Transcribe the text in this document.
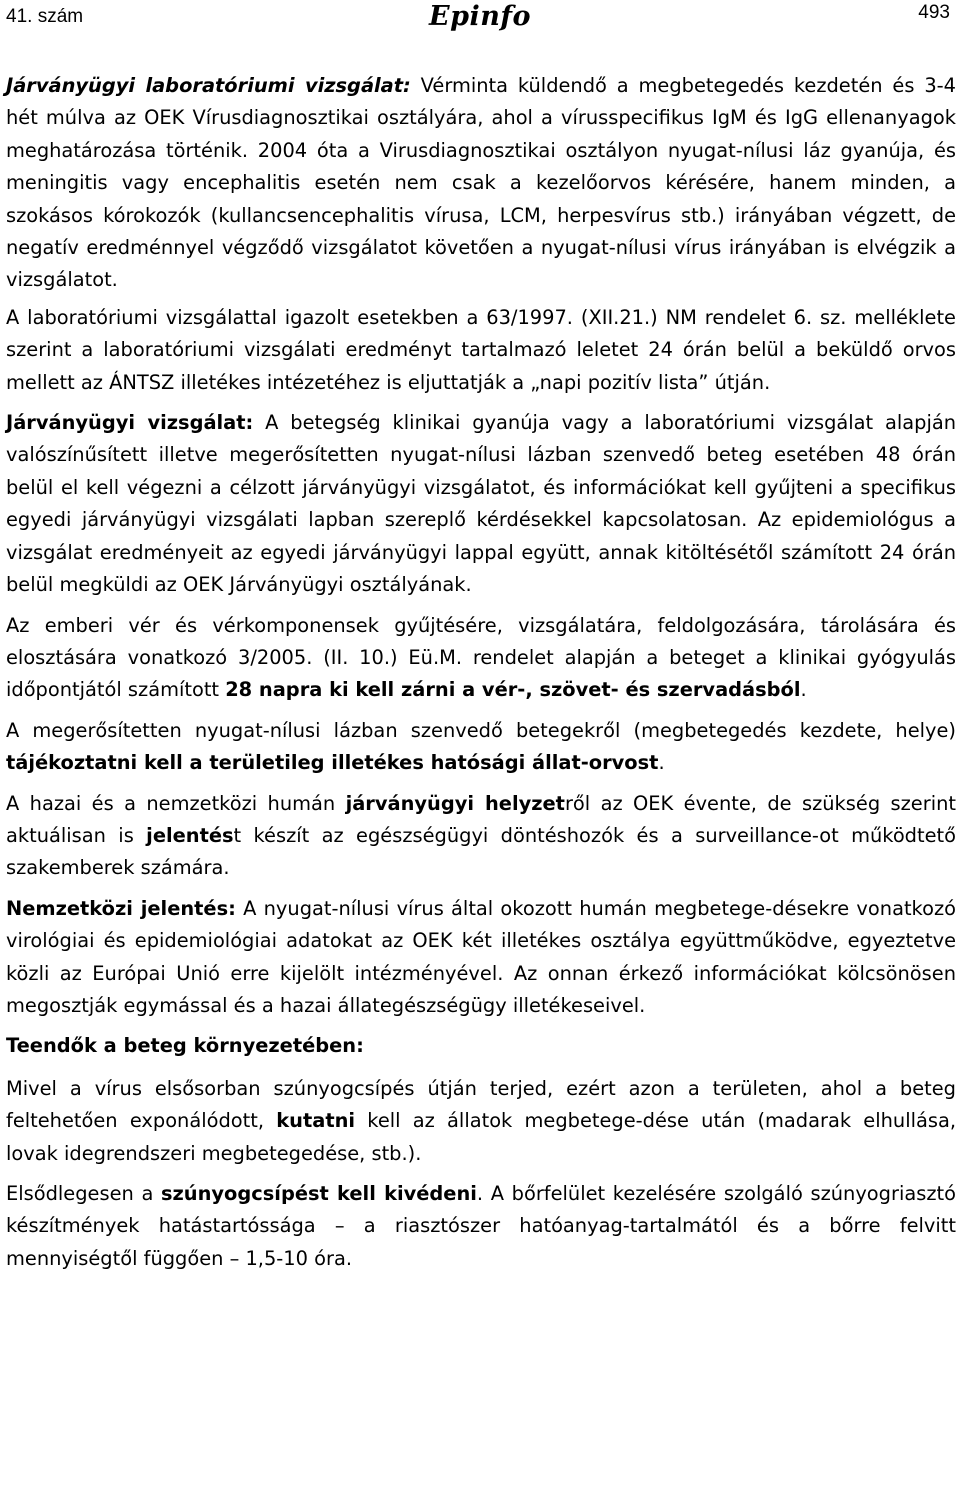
41. szám	Epinfo	493

Járványügyi laboratóriumi vizsgálat: Vérminta küldendő a megbetegedés kezdetén és 3-4 hét múlva az OEK Vírusdiagnosztikai osztályára, ahol a vírusspecifikus IgM és IgG ellenanyagok meghatározása történik. 2004 óta a Virusdiagnosztikai osztályon nyugat-nílusi láz gyanúja, és meningitis vagy encephalitis esetén nem csak a kezelőorvos kérésére, hanem minden, a szokásos kórokozók (kullancsencephalitis vírusa, LCM, herpesvírus stb.) irányában végzett, de negatív eredménnyel végződő vizsgálatot követően a nyugat-nílusi vírus irányában is elvégzik a vizsgálatot.

A laboratóriumi vizsgálattal igazolt esetekben a 63/1997. (XII.21.) NM rendelet 6. sz. melléklete szerint a laboratóriumi vizsgálati eredményt tartalmazó leletet 24 órán belül a beküldő orvos mellett az ÁNTSZ illetékes intézetéhez is eljuttatják a „napi pozitív lista” útján.

Járványügyi vizsgálat: A betegség klinikai gyanúja vagy a laboratóriumi vizsgálat alapján valószínűsített illetve megerősítetten nyugat-nílusi lázban szenvedő beteg esetében 48 órán belül el kell végezni a célzott járványügyi vizsgálatot, és információkat kell gyűjteni a specifikus egyedi járványügyi vizsgálati lapban szereplő kérdésekkel kapcsolatosan. Az epidemiológus a vizsgálat eredményeit az egyedi járványügyi lappal együtt, annak kitöltésétől számított 24 órán belül megküldi az OEK Járványügyi osztályának.

Az emberi vér és vérkomponensek gyűjtésére, vizsgálatára, feldolgozására, tárolására és elosztására vonatkozó 3/2005. (II. 10.) Eü.M. rendelet alapján a beteget a klinikai gyógyulás időpontjától számított 28 napra ki kell zárni a vér-, szövet- és szervadásból.

A megerősítetten nyugat-nílusi lázban szenvedő betegekről (megbetegedés kezdete, helye) tájékoztatni kell a területileg illetékes hatósági állat-orvost.

A hazai és a nemzetközi humán járványügyi helyzetről az OEK évente, de szükség szerint aktuálisan is jelentést készít az egészségügyi döntéshozók és a surveillance-ot működtető szakemberek számára.

Nemzetközi jelentés: A nyugat-nílusi vírus által okozott humán megbetege-désekre vonatkozó virológiai és epidemiológiai adatokat az OEK két illetékes osztálya együttműködve, egyeztetve közli az Európai Unió erre kijelölt intézményével. Az onnan érkező információkat kölcsönösen megosztják egymással és a hazai állategészségügy illetékeseivel.

Teendők a beteg környezetében:

Mivel a vírus elsősorban szúnyogcsípés útján terjed, ezért azon a területen, ahol a beteg feltehetően exponálódott, kutatni kell az állatok megbetege-dése után (madarak elhullása, lovak idegrendszeri megbetegedése, stb.).

Elsődlegesen a szúnyogcsípést kell kivédeni. A bőrfelület kezelésére szolgáló szúnyogriasztó készítmények hatástartóssága – a riasztószer hatóanyag-tartalmától és a bőrre felvitt mennyiségtől függően – 1,5-10 óra.
